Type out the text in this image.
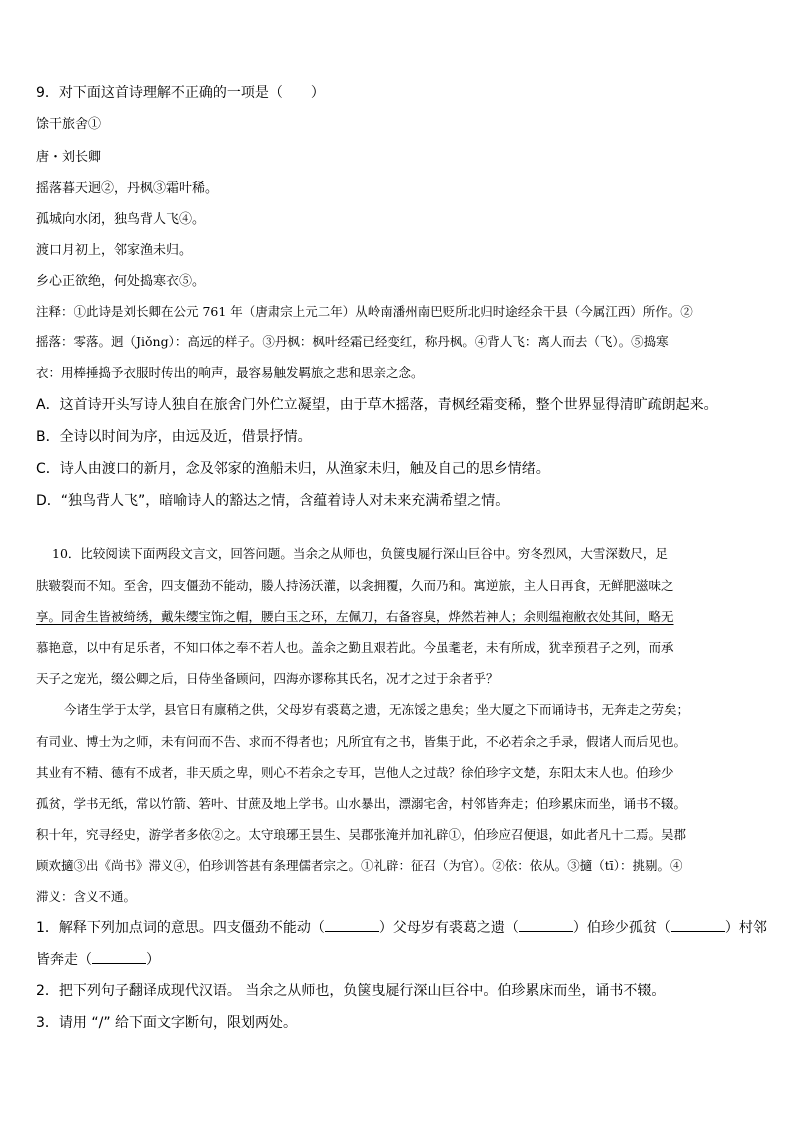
9．对下面这首诗理解不正确的一项是（　　）
馀干旅舍①
唐・刘长卿
摇落暮天迥②，丹枫③霜叶稀。
孤城向水闭，独鸟背人飞④。
渡口月初上，邻家渔未归。
乡心正欲绝，何处捣寒衣⑤。
注释：①此诗是刘长卿在公元 761 年（唐肃宗上元二年）从岭南潘州南巴贬所北归时途经余干县（今属江西）所作。②
摇落：零落。迥（Jiǒng）：高远的样子。③丹枫：枫叶经霜已经变红，称丹枫。④背人飞：离人而去（飞）。⑤捣寒
衣：用棒捶捣予衣服时传出的响声，最容易触发羁旅之悲和思亲之念。
A．这首诗开头写诗人独自在旅舍门外伫立凝望，由于草木摇落，青枫经霜变稀，整个世界显得清旷疏朗起来。
B．全诗以时间为序，由远及近，借景抒情。
C．诗人由渡口的新月，念及邻家的渔船未归，从渔家未归，触及自己的思乡情绪。
D．“独鸟背人飞”，暗喻诗人的豁达之情，含蕴着诗人对未来充满希望之情。
10．比较阅读下面两段文言文，回答问题。当余之从师也，负箧曳屣行深山巨谷中。穷冬烈风，大雪深数尺，足
肤皲裂而不知。至舍，四支僵劲不能动，媵人持汤沃灌，以衾拥覆，久而乃和。寓逆旅，主人日再食，无鲜肥滋味之
享。同舍生皆被绮绣，戴朱缨宝饰之帽，腰白玉之环，左佩刀，右备容臭，烨然若神人；余则缊袍敝衣处其间，略无
慕艳意，以中有足乐者，不知口体之奉不若人也。盖余之勤且艰若此。今虽耄老，未有所成，犹幸预君子之列，而承
天子之宠光，缀公卿之后，日侍坐备顾问，四海亦谬称其氏名，况才之过于余者乎？
今诸生学于太学，县官日有廪稍之供，父母岁有裘葛之遗，无冻馁之患矣；坐大厦之下而诵诗书，无奔走之劳矣；
有司业、博士为之师，未有问而不告、求而不得者也；凡所宜有之书，皆集于此，不必若余之手录，假诸人而后见也。
其业有不精、德有不成者，非天质之卑，则心不若余之专耳，岂他人之过哉？徐伯珍字文楚，东阳太末人也。伯珍少
孤贫，学书无纸，常以竹箭、箬叶、甘蔗及地上学书。山水暴出，漂溺宅舍，村邻皆奔走；伯珍累床而坐，诵书不辍。
积十年，究寻经史，游学者多依②之。太守琅琊王昙生、吴郡张淹并加礼辟①，伯珍应召便退，如此者凡十二焉。吴郡
顾欢擿③出《尚书》滞义④，伯珍训答甚有条理儒者宗之。①礼辟：征召（为官）。②依：依从。③擿（tī）：挑剔。④
滞义：含义不通。
1．解释下列加点词的意思。四支僵劲不能动（	）父母岁有裘葛之遗（	）伯珍少孤贫（	）村邻
皆奔走（	）
2．把下列句子翻译成现代汉语。 当余之从师也，负箧曳屣行深山巨谷中。伯珍累床而坐，诵书不辍。
3．请用 “/” 给下面文字断句，限划两处。
